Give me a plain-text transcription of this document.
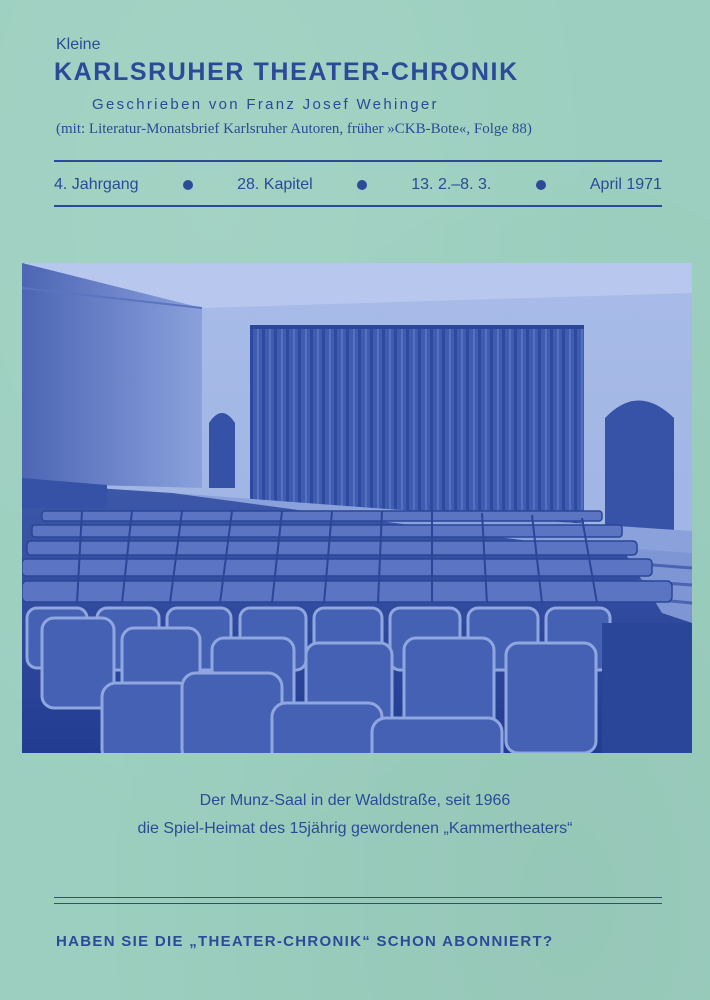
Kleine
KARLSRUHER THEATER-CHRONIK
Geschrieben von Franz Josef Wehinger
(mit: Literatur-Monatsbrief Karlsruher Autoren, früher »CKB-Bote«, Folge 88)
4. Jahrgang	28. Kapitel	13. 2.–8. 3.	April 1971
Der Munz-Saal in der Waldstraße, seit 1966
die Spiel-Heimat des 15jährig gewordenen „Kammertheaters“
HABEN SIE DIE „THEATER-CHRONIK“ SCHON ABONNIERT?
